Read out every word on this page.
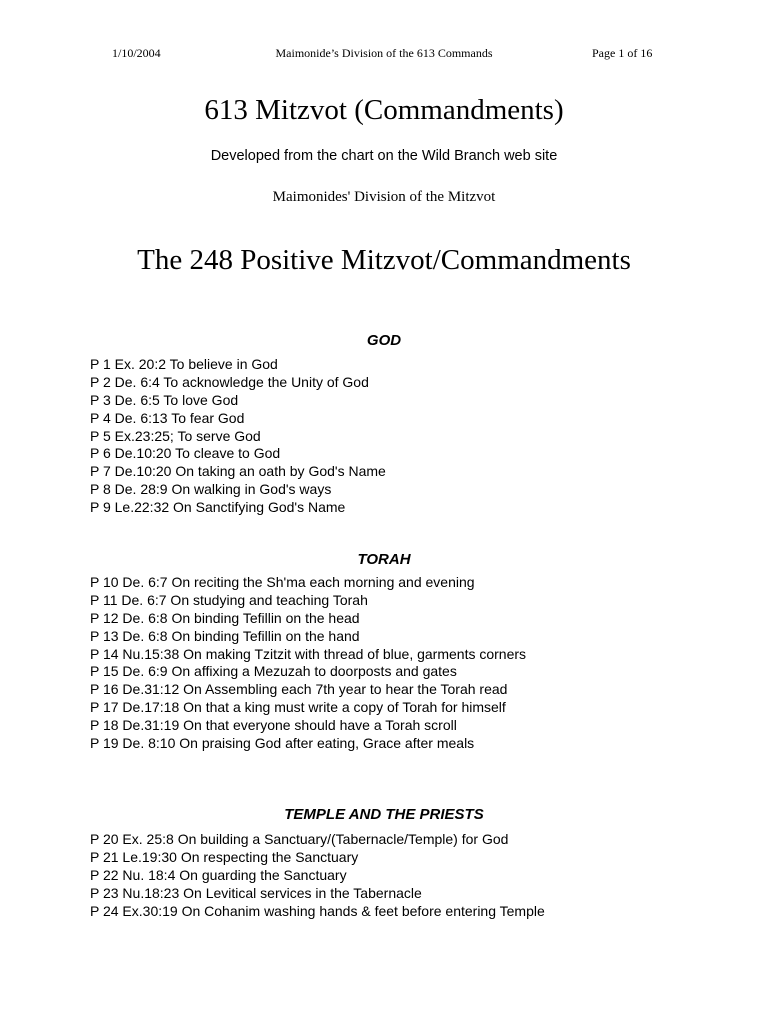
1/10/2004	Maimonide’s Division of the 613 Commands	Page 1 of 16
613 Mitzvot (Commandments)
Developed from the chart on the Wild Branch web site
Maimonides' Division of the Mitzvot
The 248 Positive Mitzvot/Commandments
GOD
P 1 Ex. 20:2 To believe in God
P 2 De. 6:4 To acknowledge the Unity of God
P 3 De. 6:5 To love God
P 4 De. 6:13 To fear God
P 5 Ex.23:25; To serve God
P 6 De.10:20 To cleave to God
P 7 De.10:20 On taking an oath by God's Name
P 8 De. 28:9 On walking in God's ways
P 9 Le.22:32 On Sanctifying God's Name
TORAH
P 10 De. 6:7 On reciting the Sh'ma each morning and evening
P 11 De. 6:7 On studying and teaching Torah
P 12 De. 6:8 On binding Tefillin on the head
P 13 De. 6:8 On binding Tefillin on the hand
P 14 Nu.15:38 On making Tzitzit with thread of blue, garments corners
P 15 De. 6:9 On affixing a Mezuzah to doorposts and gates
P 16 De.31:12 On Assembling each 7th year to hear the Torah read
P 17 De.17:18 On that a king must write a copy of Torah for himself
P 18 De.31:19 On that everyone should have a Torah scroll
P 19 De. 8:10 On praising God after eating, Grace after meals
TEMPLE AND THE PRIESTS
P 20 Ex. 25:8 On building a Sanctuary/(Tabernacle/Temple) for God
P 21 Le.19:30 On respecting the Sanctuary
P 22 Nu. 18:4 On guarding the Sanctuary
P 23 Nu.18:23 On Levitical services in the Tabernacle
P 24 Ex.30:19 On Cohanim washing hands & feet before entering Temple
